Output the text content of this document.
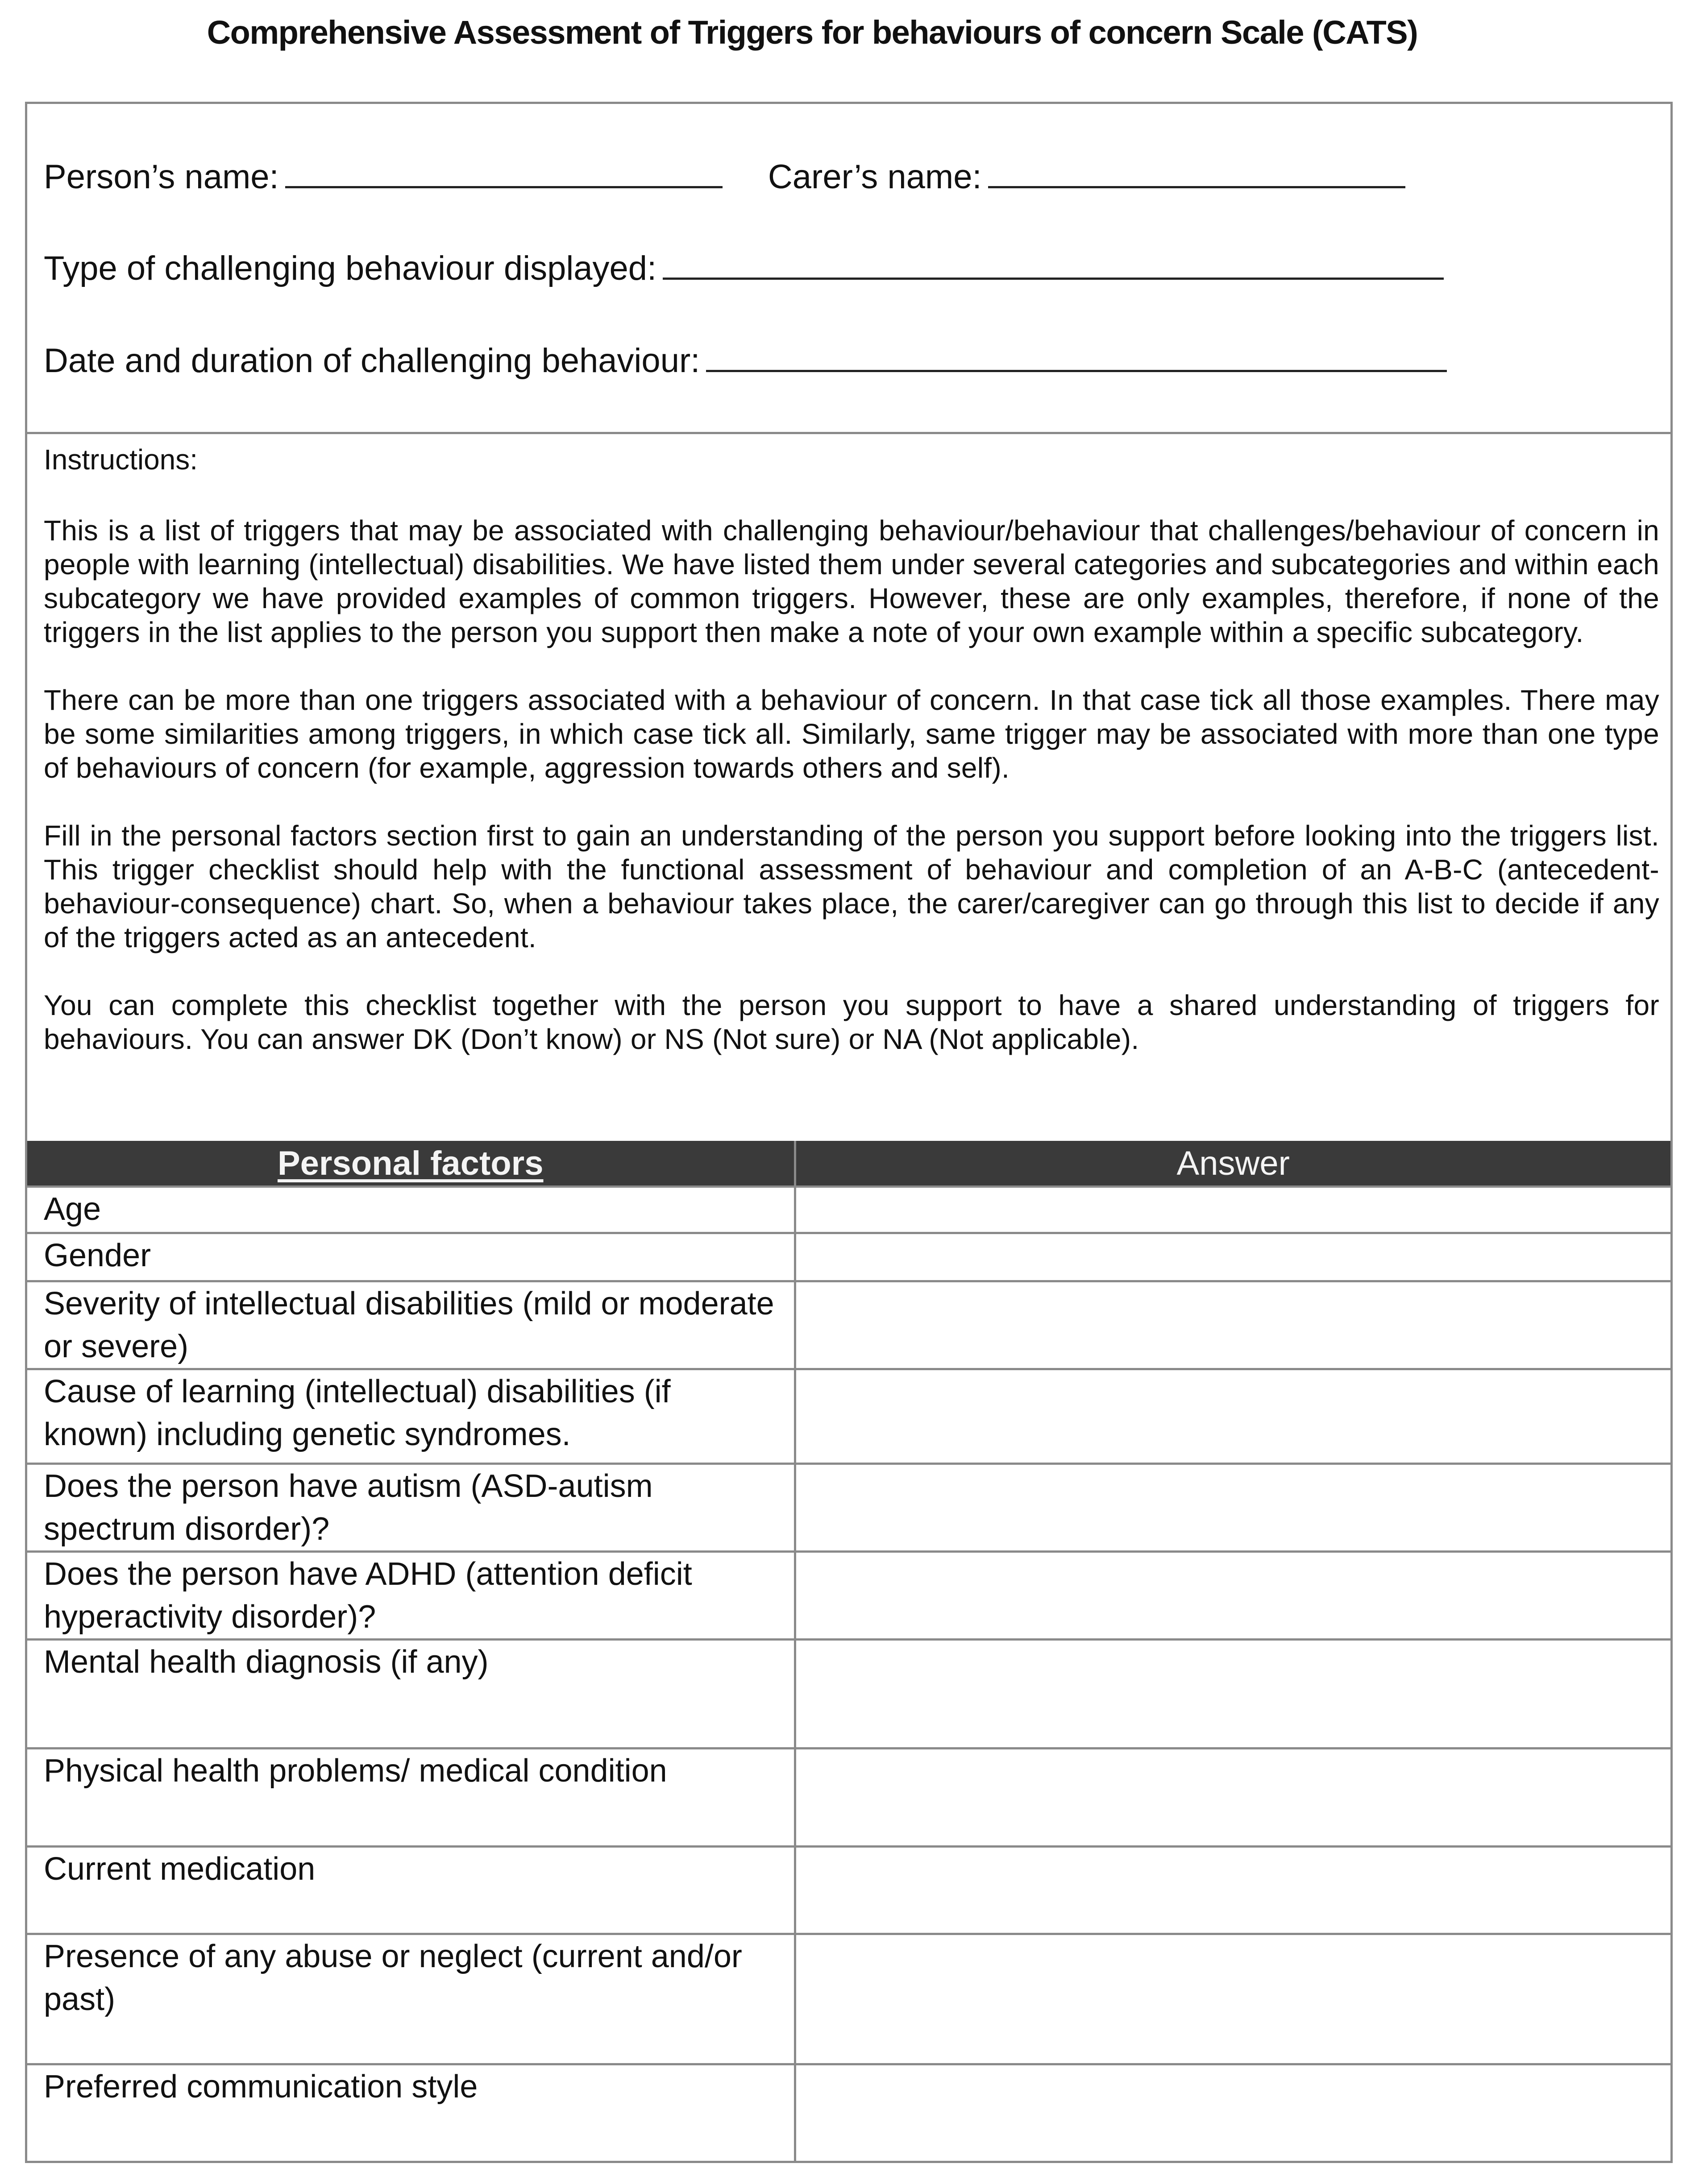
Comprehensive Assessment of Triggers for behaviours of concern Scale (CATS)
Person’s name:	Carer’s name:
Type of challenging behaviour displayed:
Date and duration of challenging behaviour:

Instructions:

This is a list of triggers that may be associated with challenging behaviour/behaviour that challenges/behaviour of concern in people with learning (intellectual) disabilities. We have listed them under several categories and subcategories and within each subcategory we have provided examples of common triggers. However, these are only examples, therefore, if none of the triggers in the list applies to the person you support then make a note of your own example within a specific subcategory.

There can be more than one triggers associated with a behaviour of concern. In that case tick all those examples. There may be some similarities among triggers, in which case tick all. Similarly, same trigger may be associated with more than one type of behaviours of concern (for example, aggression towards others and self).

Fill in the personal factors section first to gain an understanding of the person you support before looking into the triggers list. This trigger checklist should help with the functional assessment of behaviour and completion of an A-B-C (antecedent-behaviour-consequence) chart. So, when a behaviour takes place, the carer/caregiver can go through this list to decide if any of the triggers acted as an antecedent.

You can complete this checklist together with the person you support to have a shared understanding of triggers for behaviours. You can answer DK (Don’t know) or NS (Not sure) or NA (Not applicable).

Personal factors	Answer
Age	
Gender	
Severity of intellectual disabilities (mild or moderate or severe)	
Cause of learning (intellectual) disabilities (if known) including genetic syndromes.	
Does the person have autism (ASD-autism spectrum disorder)?	
Does the person have ADHD (attention deficit hyperactivity disorder)?	
Mental health diagnosis (if any)	
Physical health problems/ medical condition	
Current medication	
Presence of any abuse or neglect (current and/or past)	
Preferred communication style	
